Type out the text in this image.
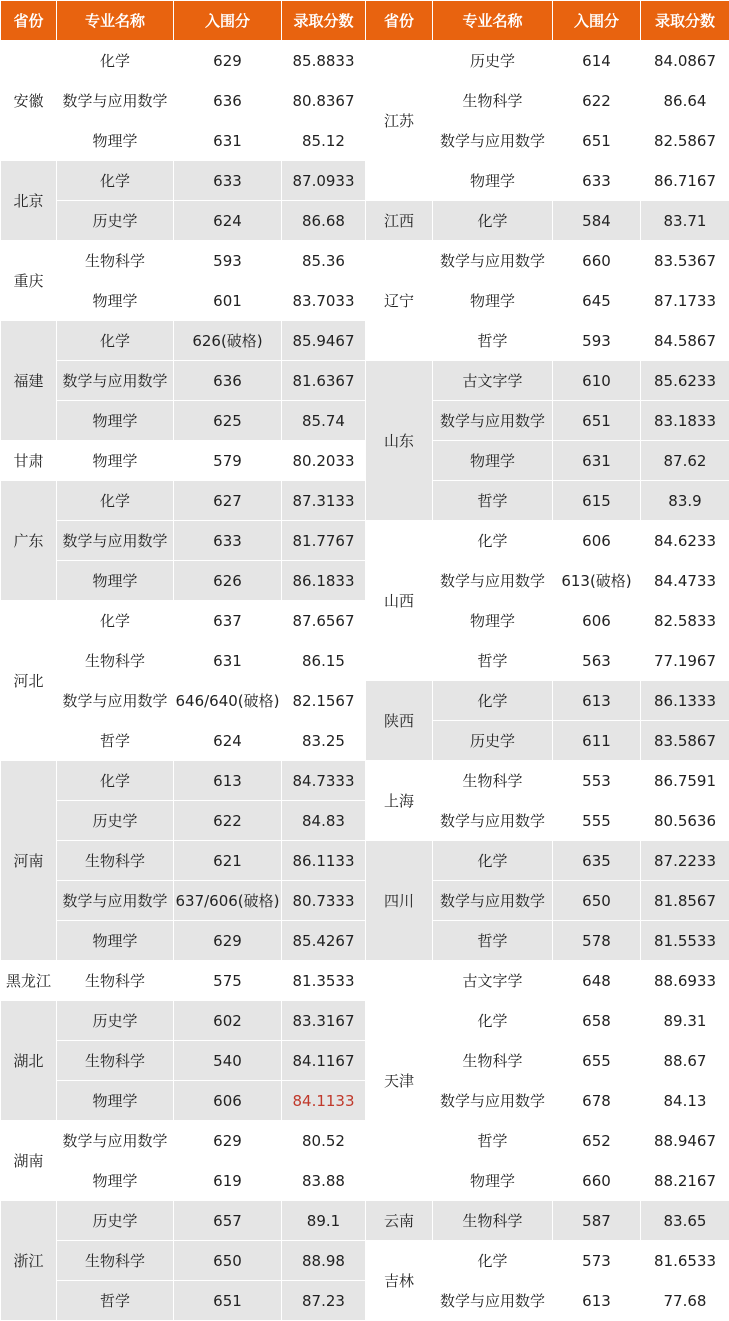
省份	专业名称	入围分	录取分数
安徽	化学	629	85.8833
	数学与应用数学	636	80.8367
	物理学	631	85.12
北京	化学	633	87.0933
	历史学	624	86.68
重庆	生物科学	593	85.36
	物理学	601	83.7033
福建	化学	626(破格)	85.9467
	数学与应用数学	636	81.6367
	物理学	625	85.74
甘肃	物理学	579	80.2033
广东	化学	627	87.3133
	数学与应用数学	633	81.7767
	物理学	626	86.1833
河北	化学	637	87.6567
	生物科学	631	86.15
	数学与应用数学	646/640(破格)	82.1567
	哲学	624	83.25
河南	化学	613	84.7333
	历史学	622	84.83
	生物科学	621	86.1133
	数学与应用数学	637/606(破格)	80.7333
	物理学	629	85.4267
黑龙江	生物科学	575	81.3533
湖北	历史学	602	83.3167
	生物科学	540	84.1167
	物理学	606	84.1133
湖南	数学与应用数学	629	80.52
	物理学	619	83.88
浙江	历史学	657	89.1
	生物科学	650	88.98
	哲学	651	87.23
省份	专业名称	入围分	录取分数
江苏	历史学	614	84.0867
	生物科学	622	86.64
	数学与应用数学	651	82.5867
	物理学	633	86.7167
江西	化学	584	83.71
辽宁	数学与应用数学	660	83.5367
	物理学	645	87.1733
	哲学	593	84.5867
山东	古文字学	610	85.6233
	数学与应用数学	651	83.1833
	物理学	631	87.62
	哲学	615	83.9
山西	化学	606	84.6233
	数学与应用数学	613(破格)	84.4733
	物理学	606	82.5833
	哲学	563	77.1967
陕西	化学	613	86.1333
	历史学	611	83.5867
上海	生物科学	553	86.7591
	数学与应用数学	555	80.5636
四川	化学	635	87.2233
	数学与应用数学	650	81.8567
	哲学	578	81.5533
天津	古文字学	648	88.6933
	化学	658	89.31
	生物科学	655	88.67
	数学与应用数学	678	84.13
	哲学	652	88.9467
	物理学	660	88.2167
云南	生物科学	587	83.65
吉林	化学	573	81.6533
	数学与应用数学	613	77.68
